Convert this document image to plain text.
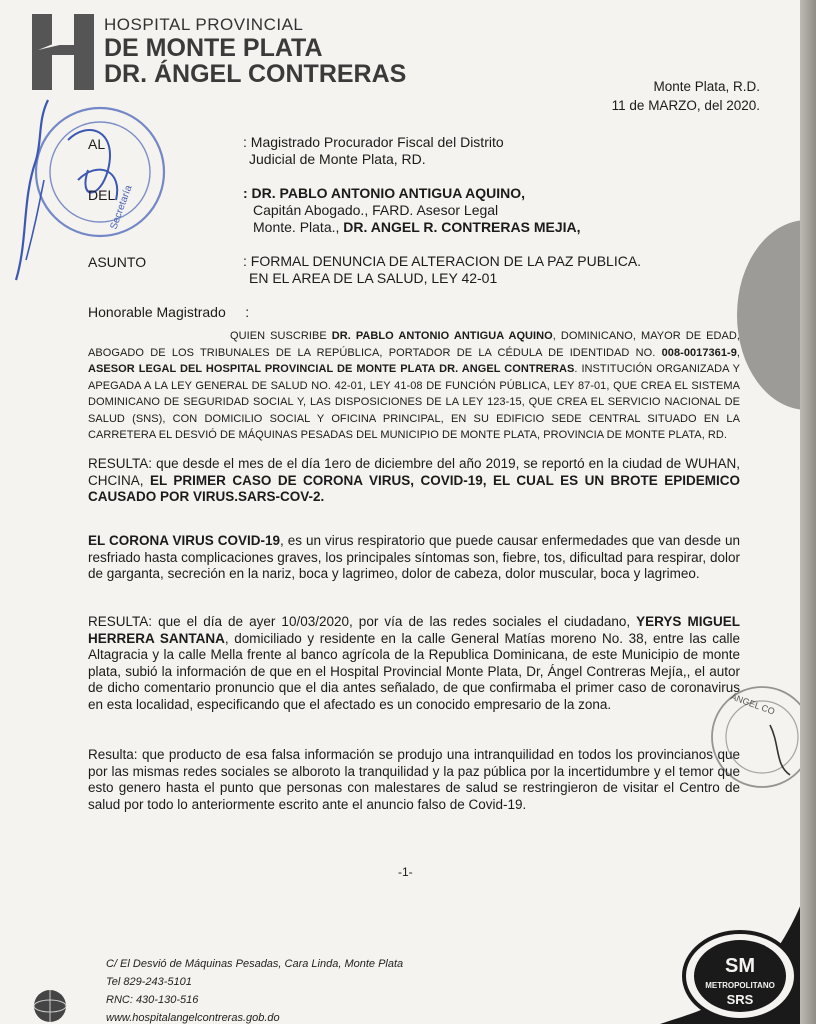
HOSPITAL PROVINCIAL
DE MONTE PLATA
DR. ÁNGEL CONTRERAS	Monte Plata, R.D.
11 de MARZO, del 2020.
Secretaría
AL	: Magistrado Procurador Fiscal del Distrito
Judicial de Monte Plata, RD.
DEL	: DR. PABLO ANTONIO ANTIGUA AQUINO,
Capitán Abogado., FARD. Asesor Legal
Monte. Plata., DR. ANGEL R. CONTRERAS MEJIA,
ASUNTO	: FORMAL DENUNCIA DE ALTERACION DE LA PAZ PUBLICA.
EN EL AREA DE LA SALUD, LEY 42-01
Honorable Magistrado     :
QUIEN SUSCRIBE DR. PABLO ANTONIO ANTIGUA AQUINO, DOMINICANO, MAYOR DE EDAD, ABOGADO DE LOS TRIBUNALES DE LA REPÚBLICA, PORTADOR DE LA CÉDULA DE IDENTIDAD NO. 008-0017361-9, ASESOR LEGAL DEL HOSPITAL PROVINCIAL DE MONTE PLATA DR. ANGEL CONTRERAS. INSTITUCIÓN ORGANIZADA Y APEGADA A LA LEY GENERAL DE SALUD NO. 42-01, LEY 41-08 DE FUNCIÓN PÚBLICA, LEY 87-01, QUE CREA EL SISTEMA DOMINICANO DE SEGURIDAD SOCIAL Y, LAS DISPOSICIONES DE LA LEY 123-15, QUE CREA EL SERVICIO NACIONAL DE SALUD (SNS), CON DOMICILIO SOCIAL Y OFICINA PRINCIPAL, EN SU EDIFICIO SEDE CENTRAL SITUADO EN LA CARRETERA EL DESVIÓ DE MÁQUINAS PESADAS DEL MUNICIPIO DE MONTE PLATA, PROVINCIA DE MONTE PLATA, RD.
RESULTA: que desde el mes de el día 1ero de diciembre del año 2019, se reportó en la ciudad de WUHAN, CHCINA, EL PRIMER CASO DE CORONA VIRUS, COVID-19, EL CUAL ES UN BROTE EPIDEMICO CAUSADO POR VIRUS.SARS-COV-2.
EL CORONA VIRUS COVID-19, es un virus respiratorio que puede causar enfermedades que van desde un resfriado hasta complicaciones graves, los principales síntomas son, fiebre, tos, dificultad para respirar, dolor de garganta, secreción en la nariz, boca y lagrimeo, dolor de cabeza, dolor muscular, boca y lagrimeo.
RESULTA: que el día de ayer 10/03/2020, por vía de las redes sociales el ciudadano, YERYS MIGUEL HERRERA SANTANA, domiciliado y residente en la calle General Matías moreno No. 38, entre las calle Altagracia y la calle Mella frente al banco agrícola de la Republica Dominicana, de este Municipio de monte plata, subió la información de que en el Hospital Provincial Monte Plata, Dr, Ángel Contreras Mejía,, el autor de dicho comentario pronuncio que el dia antes señalado, de que confirmaba el primer caso de coronavirus en esta localidad, especificando que el afectado es un conocido empresario de la zona.
Resulta: que producto de esa falsa información se produjo una intranquilidad en todos los provincianos que por las mismas redes sociales se alboroto la tranquilidad y la paz pública por la incertidumbre y el temor que esto genero hasta el punto que personas con malestares de salud se restringieron de visitar el Centro de salud por todo lo anteriormente escrito ante el anuncio falso de Covid-19.
ÁNGEL CO
-1-
SM
METROPOLITANO
SRS
C/ El Desvió de Máquinas Pesadas, Cara Linda, Monte Plata
Tel 829-243-5101
RNC: 430-130-516
www.hospitalangelcontreras.gob.do
